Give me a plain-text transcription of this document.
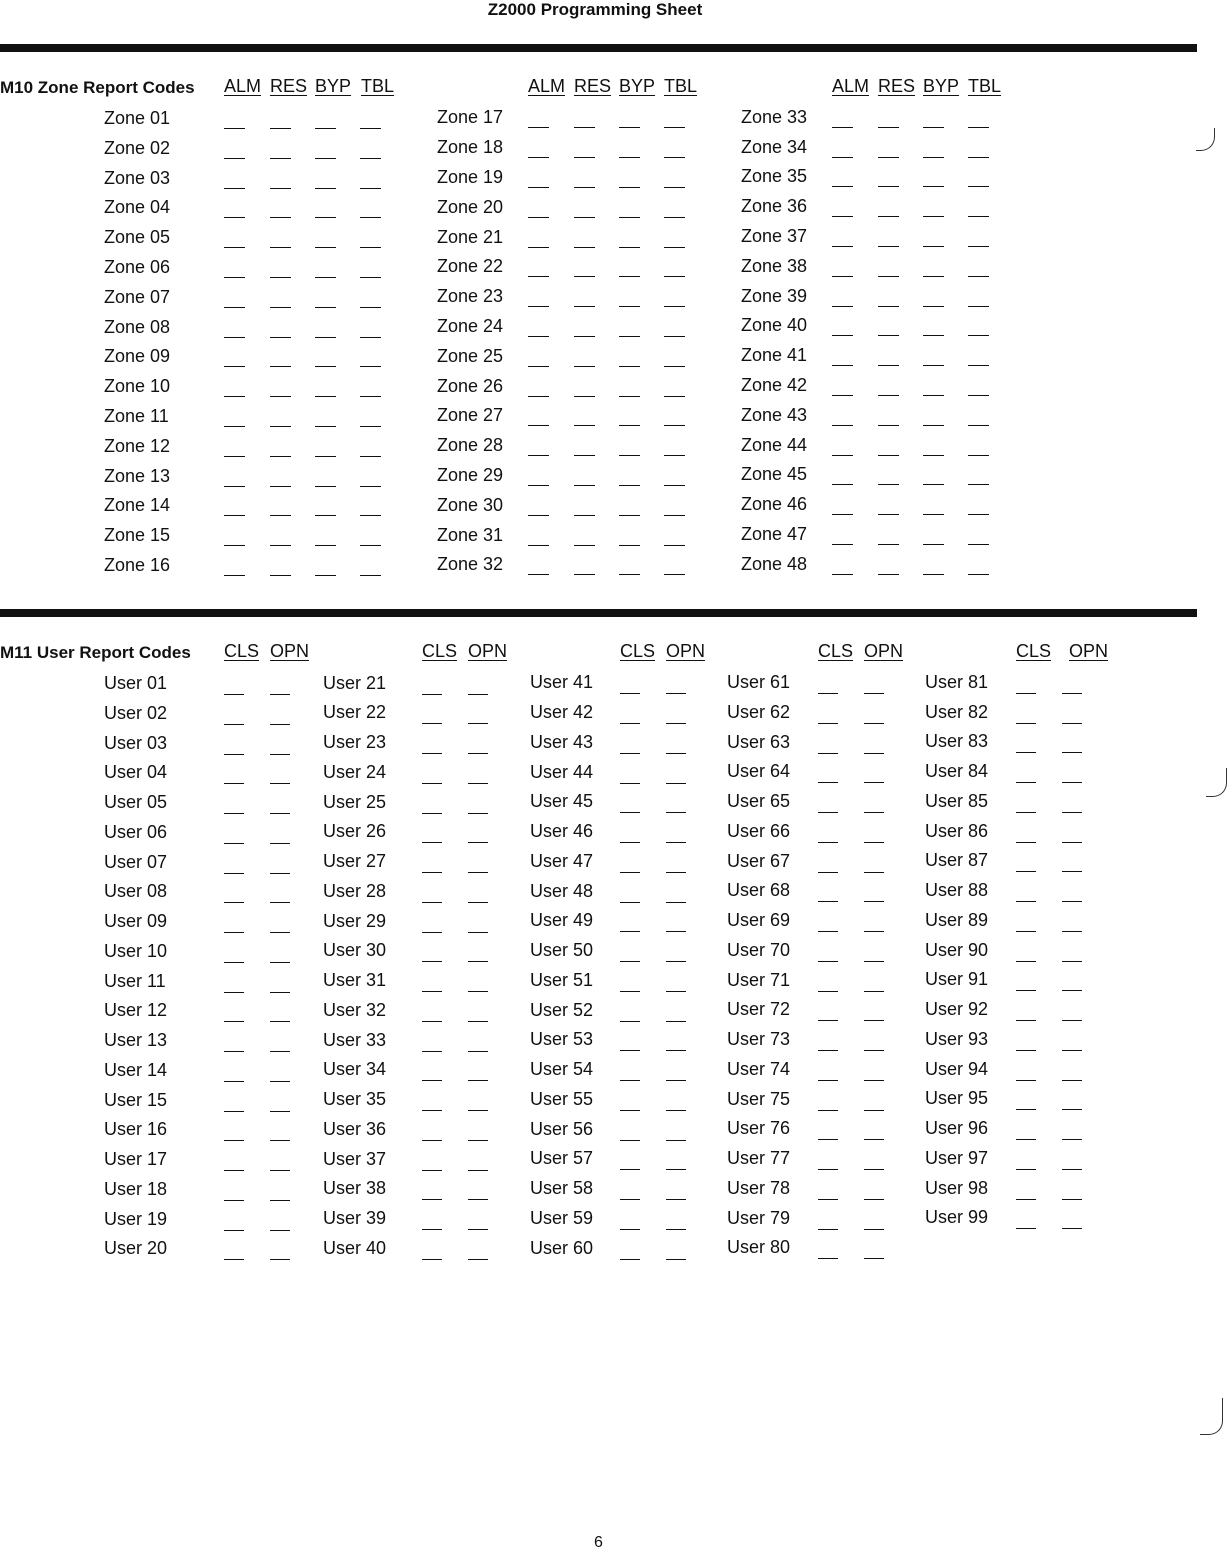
Z2000 Programming Sheet
M10 Zone Report Codes ALM RES BYP TBL
Zone 01
Zone 02
Zone 03
Zone 04
Zone 05
Zone 06
Zone 07
Zone 08
Zone 09
Zone 10
Zone 11
Zone 12
Zone 13
Zone 14
Zone 15
Zone 16
ALM RES BYP TBL
Zone 17
Zone 18
Zone 19
Zone 20
Zone 21
Zone 22
Zone 23
Zone 24
Zone 25
Zone 26
Zone 27
Zone 28
Zone 29
Zone 30
Zone 31
Zone 32
ALM RES BYP TBL
Zone 33
Zone 34
Zone 35
Zone 36
Zone 37
Zone 38
Zone 39
Zone 40
Zone 41
Zone 42
Zone 43
Zone 44
Zone 45
Zone 46
Zone 47
Zone 48
M11 User Report Codes CLS OPN
User 01
User 02
User 03
User 04
User 05
User 06
User 07
User 08
User 09
User 10
User 11
User 12
User 13
User 14
User 15
User 16
User 17
User 18
User 19
User 20
CLS OPN
User 21
User 22
User 23
User 24
User 25
User 26
User 27
User 28
User 29
User 30
User 31
User 32
User 33
User 34
User 35
User 36
User 37
User 38
User 39
User 40
CLS OPN
User 41
User 42
User 43
User 44
User 45
User 46
User 47
User 48
User 49
User 50
User 51
User 52
User 53
User 54
User 55
User 56
User 57
User 58
User 59
User 60
CLS OPN
User 61
User 62
User 63
User 64
User 65
User 66
User 67
User 68
User 69
User 70
User 71
User 72
User 73
User 74
User 75
User 76
User 77
User 78
User 79
User 80
CLS OPN
User 81
User 82
User 83
User 84
User 85
User 86
User 87
User 88
User 89
User 90
User 91
User 92
User 93
User 94
User 95
User 96
User 97
User 98
User 99
6
